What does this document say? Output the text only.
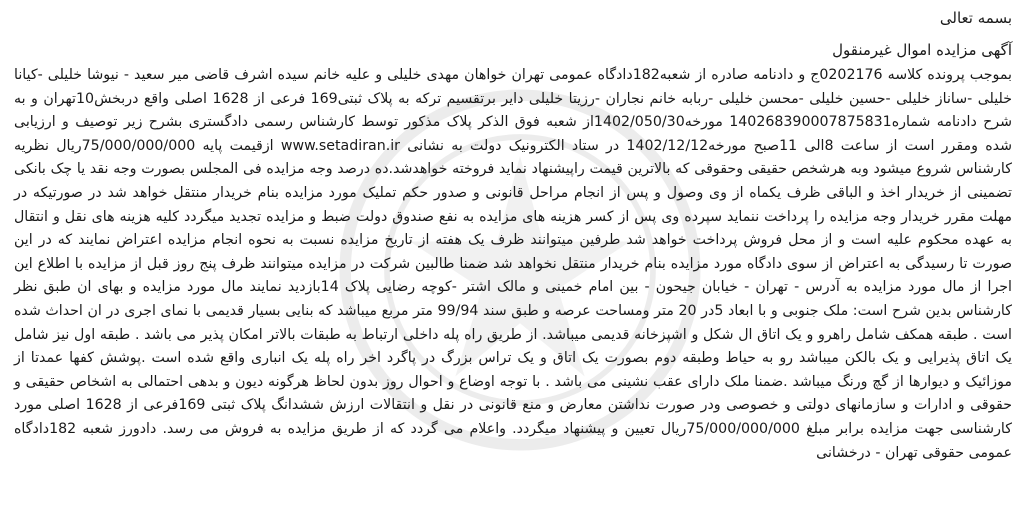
بسمه تعالی

آگهی مزایده اموال غیرمنقول

بموجب پرونده کلاسه 0202176ج و دادنامه صادره از شعبه182دادگاه عمومی تهران خواهان مهدی خلیلی و علیه خانم سیده اشرف قاضی میر سعید - نیوشا خلیلی -کیانا خلیلی -ساناز خلیلی -حسین خلیلی -محسن خلیلی -ربابه خانم نجاران -رزیتا خلیلی دایر برتقسیم ترکه به پلاک ثبتی169 فرعی از 1628 اصلی واقع دربخش10تهران و به شرح دادنامه شماره140268390007875831 مورخه1402/050/30از شعبه فوق الذکر پلاک مذکور توسط کارشناس رسمی دادگستری بشرح زیر توصیف و ارزیابی شده ومقرر است از ساعت 8الی 11صبح مورخه1402/12/12 در ستاد الکترونیک دولت به نشانی www.setadiran.ir ازقیمت پایه 75/000/000/000ریال نظریه کارشناس شروع میشود وبه هرشخص حقیقی وحقوقی که بالاترین قیمت راپیشنهاد نماید فروخته خواهدشد.ده درصد وجه مزایده فی المجلس بصورت وجه نقد یا چک بانکی تضمینی از خریدار اخذ و الباقی ظرف یکماه از وی وصول و پس از انجام مراحل قانونی و صدور حکم تملیک مورد مزایده بنام خریدار منتقل خواهد شد در صورتیکه در مهلت مقرر خریدار وجه مزایده را پرداخت ننماید سپرده وی پس از کسر هزینه های مزایده به نفع صندوق دولت ضبط و مزایده تجدید میگردد کلیه هزینه های نقل و انتقال به عهده محکوم علیه است و از محل فروش پرداخت خواهد شد طرفین میتوانند ظرف یک هفته از تاریخ مزایده نسبت به نحوه انجام مزایده اعتراض نمایند که در این صورت تا رسیدگی به اعتراض از سوی دادگاه مورد مزایده بنام خریدار منتقل نخواهد شد ضمنا طالبین شرکت در مزایده میتوانند ظرف پنج روز قبل از مزایده با اطلاع این اجرا از مال مورد مزایده به آدرس - تهران - خیابان جیحون - بین امام خمینی و مالک اشتر -کوچه رضایی پلاک 14بازدید نمایند مال مورد مزایده و بهای ان طبق نظر کارشناس بدین شرح است: ملک جنوبی و با ابعاد 5در 20 متر ومساحت عرصه و طبق سند 99/94 متر مربع میباشد که بنایی بسیار قدیمی با نمای اجری در ان احداث شده است . طبقه همکف شامل راهرو و یک اتاق ال شکل و اشپزخانه قدیمی میباشد. از طریق راه پله داخلی ارتباط به طبقات بالاتر امکان پذیر می باشد . طبقه اول نیز شامل یک اتاق پذیرایی و یک بالکن میباشد رو به حیاط وطبقه دوم بصورت یک اتاق و یک تراس بزرگ در پاگرد اخر راه پله یک انباری واقع شده است .پوشش کفها عمدتا از موزائیک و دیوارها از گچ ورنگ میباشد .ضمنا ملک دارای عقب نشینی می باشد . با توجه اوضاع و احوال روز بدون لحاظ هرگونه دیون و بدهی احتمالی به اشخاص حقیقی و حقوقی و ادارات و سازمانهای دولتی و خصوصی ودر صورت نداشتن معارض و منع قانونی در نقل و انتقالات ارزش ششدانگ پلاک ثبتی 169فرعی از 1628 اصلی مورد کارشناسی جهت مزایده برابر مبلغ 75/000/000/000ریال تعیین و پیشنهاد میگردد. واعلام می گردد که از طریق مزایده به فروش می رسد. دادورز شعبه 182دادگاه عمومی حقوقی تهران - درخشانی
